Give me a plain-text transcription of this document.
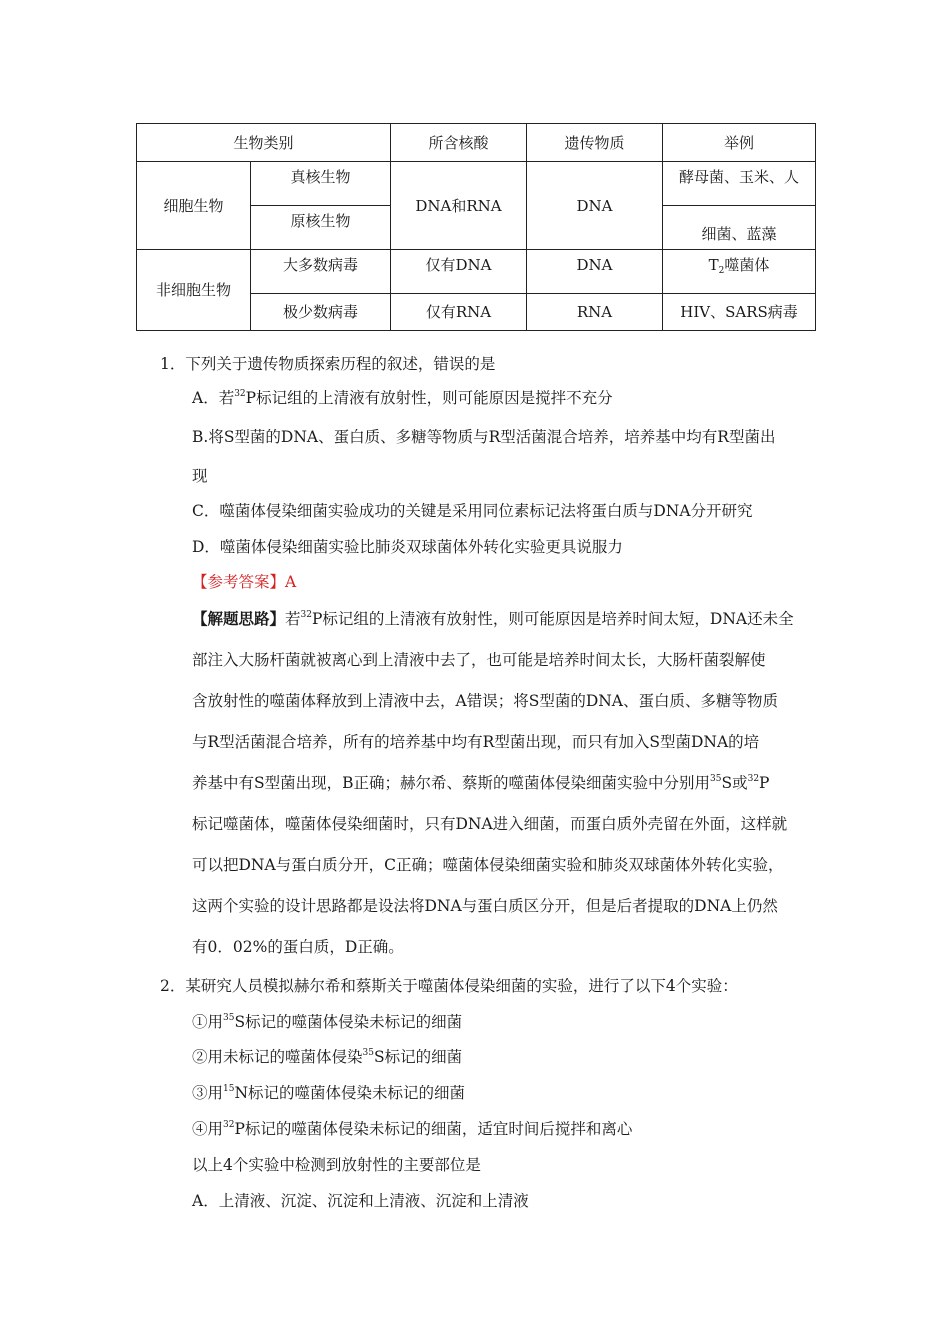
生物类别		所含核酸	遗传物质	举例
细胞生物	真核生物	DNA和RNA	DNA	酵母菌、玉米、人
	原核生物			细菌、蓝藻
非细胞生物	大多数病毒	仅有DNA	DNA	$T_2$噬菌体
	极少数病毒	仅有RNA	RNA	HIV、SARS病毒
1．下列关于遗传物质探索历程的叙述，错误的是
A．若$^{32}$P标记组的上清液有放射性，则可能原因是搅拌不充分
B.将S型菌的DNA、蛋白质、多糖等物质与R型活菌混合培养，培养基中均有R型菌出
现
C．噬菌体侵染细菌实验成功的关键是采用同位素标记法将蛋白质与DNA分开研究
D．噬菌体侵染细菌实验比肺炎双球菌体外转化实验更具说服力
【参考答案】A
【解题思路】若$^{32}$P标记组的上清液有放射性，则可能原因是培养时间太短，DNA还未全
部注入大肠杆菌就被离心到上清液中去了，也可能是培养时间太长，大肠杆菌裂解使
含放射性的噬菌体释放到上清液中去，A错误；将S型菌的DNA、蛋白质、多糖等物质
与R型活菌混合培养，所有的培养基中均有R型菌出现，而只有加入S型菌DNA的培
养基中有S型菌出现，B正确；赫尔希、蔡斯的噬菌体侵染细菌实验中分别用$^{35}$S或$^{32}$P
标记噬菌体，噬菌体侵染细菌时，只有DNA进入细菌，而蛋白质外壳留在外面，这样就
可以把DNA与蛋白质分开，C正确；噬菌体侵染细菌实验和肺炎双球菌体外转化实验，
这两个实验的设计思路都是设法将DNA与蛋白质区分开，但是后者提取的DNA上仍然
有0．02%的蛋白质，D正确。
2．某研究人员模拟赫尔希和蔡斯关于噬菌体侵染细菌的实验，进行了以下4个实验：
①用$^{35}$S标记的噬菌体侵染未标记的细菌
②用未标记的噬菌体侵染$^{35}$S标记的细菌
③用$^{15}$N标记的噬菌体侵染未标记的细菌
④用$^{32}$P标记的噬菌体侵染未标记的细菌，适宜时间后搅拌和离心
以上4个实验中检测到放射性的主要部位是
A．上清液、沉淀、沉淀和上清液、沉淀和上清液
